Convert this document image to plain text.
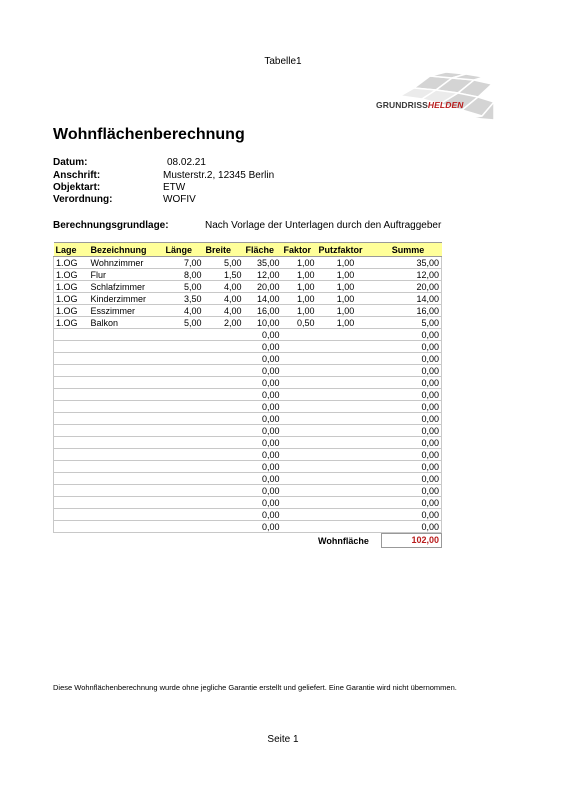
Tabelle1
GRUNDRISSHELDEN
Wohnflächenberechnung
Datum:	08.02.21
Anschrift:	Musterstr.2, 12345 Berlin
Objektart:	ETW
Verordnung:	WOFIV
Berechnungsgrundlage:	Nach Vorlage der Unterlagen durch den Auftraggeber
Lage	Bezeichnung	Länge	Breite	Fläche	Faktor	Putzfaktor	Summe
1.OG	Wohnzimmer	7,00	5,00	35,00	1,00	1,00	35,00
1.OG	Flur	8,00	1,50	12,00	1,00	1,00	12,00
1.OG	Schlafzimmer	5,00	4,00	20,00	1,00	1,00	20,00
1.OG	Kinderzimmer	3,50	4,00	14,00	1,00	1,00	14,00
1.OG	Esszimmer	4,00	4,00	16,00	1,00	1,00	16,00
1.OG	Balkon	5,00	2,00	10,00	0,50	1,00	5,00
				0,00			0,00
				0,00			0,00
				0,00			0,00
				0,00			0,00
				0,00			0,00
				0,00			0,00
				0,00			0,00
				0,00			0,00
				0,00			0,00
				0,00			0,00
				0,00			0,00
				0,00			0,00
				0,00			0,00
				0,00			0,00
				0,00			0,00
				0,00			0,00
				0,00			0,00
Wohnfläche	102,00
Diese Wohnflächenberechnung wurde ohne jegliche Garantie erstellt und geliefert. Eine Garantie wird nicht übernommen.
Seite 1
